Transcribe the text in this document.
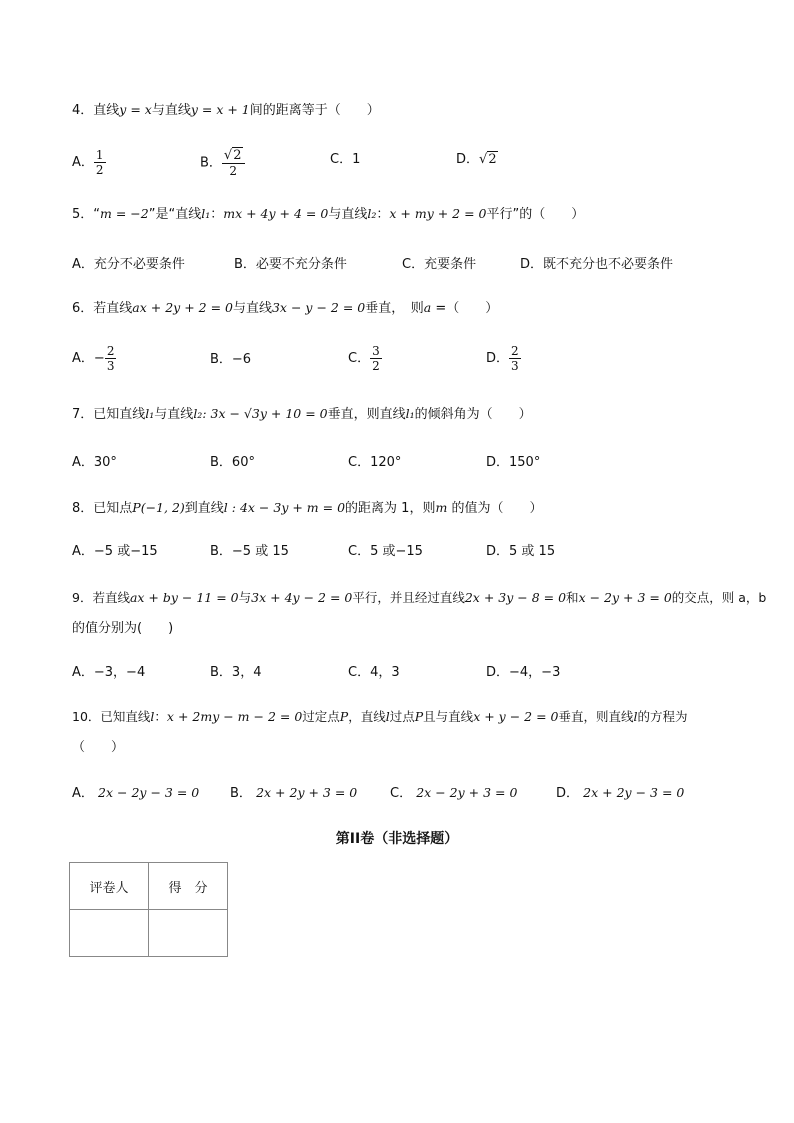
4．直线y = x与直线y = x + 1间的距离等于（　　）
A． $\frac{1}{2}$	B． $\frac{√2}{2}$	C．1	D．√2
5．“m = −2”是“直线l₁：mx + 4y + 4 = 0与直线l₂：x + my + 2 = 0平行”的（　　）
A．充分不必要条件	B．必要不充分条件	C．充要条件	D．既不充分也不必要条件
6．若直线ax + 2y + 2 = 0与直线3x − y − 2 = 0垂直，　则a =（　　）
A．− $\frac{2}{3}$	B．−6	C． $\frac{3}{2}$	D． $\frac{2}{3}$
7．已知直线l₁与直线l₂: 3x − √3y + 10 = 0垂直，则直线l₁的倾斜角为（　　）
A．30°	B．60°	C．120°	D．150°
8．已知点P(−1, 2)到直线l : 4x − 3y + m = 0的距离为 1，则m 的值为（　　）
A．−5 或−15	B．−5 或 15	C．5 或−15	D．5 或 15
9．若直线ax + by − 11 = 0与3x + 4y − 2 = 0平行，并且经过直线2x + 3y − 8 = 0和x − 2y + 3 = 0的交点，则 a，b
的值分别为(　　)
A．−3，−4	B．3，4	C．4，3	D．−4，−3
10．已知直线l：x + 2my − m − 2 = 0过定点P，直线l过点P且与直线x + y − 2 = 0垂直，则直线l的方程为
（　　）
A． 2x − 2y − 3 = 0 B． 2x + 2y + 3 = 0	C． 2x − 2y + 3 = 0	D． 2x + 2y − 3 = 0
第II卷（非选择题）
评卷人	得　分
